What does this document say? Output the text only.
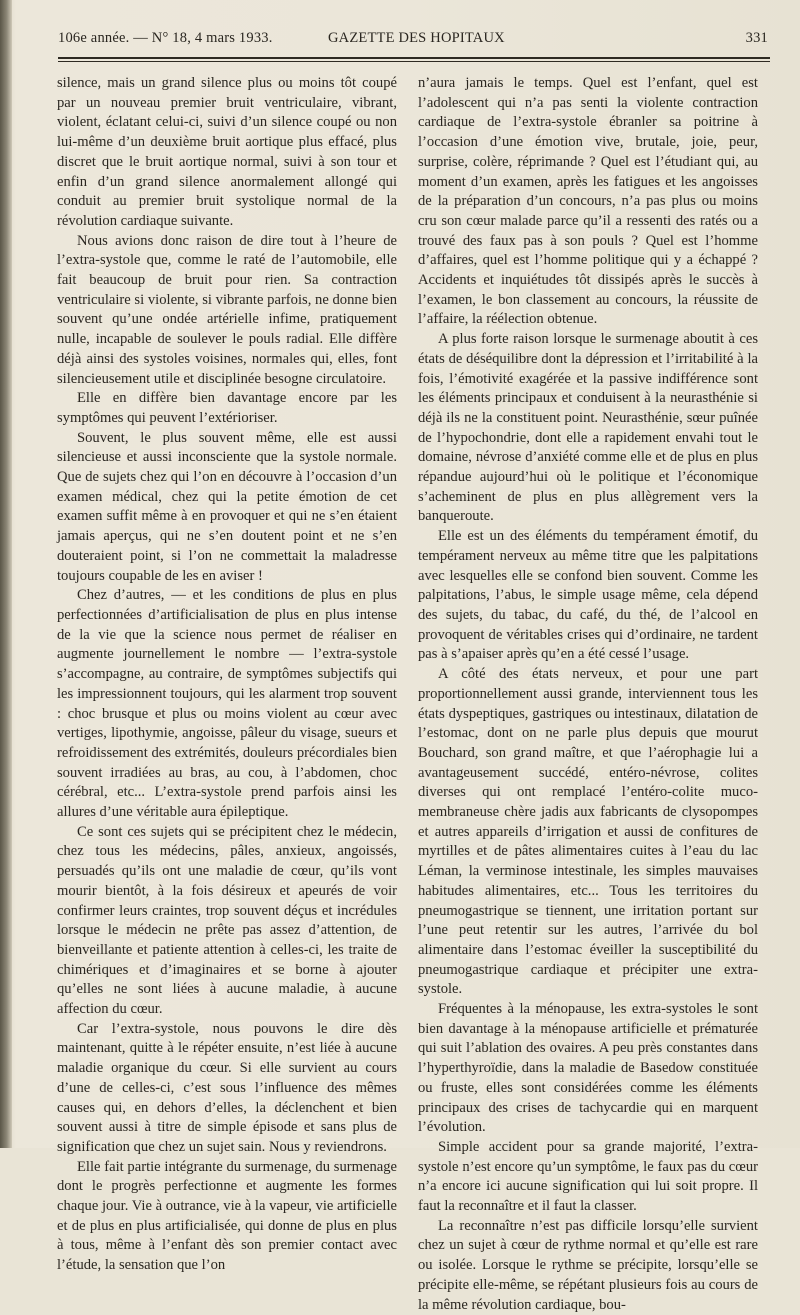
106e année. — N° 18, 4 mars 1933.	GAZETTE DES HOPITAUX	331

silence, mais un grand silence plus ou moins tôt coupé par un nouveau premier bruit ventriculaire, vibrant, violent, éclatant celui-ci, suivi d’un silence coupé ou non lui-même d’un deuxième bruit aortique plus effacé, plus discret que le bruit aortique normal, suivi à son tour et enfin d’un grand silence anormalement allongé qui conduit au premier bruit systolique normal de la révolution cardiaque suivante.

Nous avions donc raison de dire tout à l’heure de l’extra-systole que, comme le raté de l’automobile, elle fait beaucoup de bruit pour rien. Sa contraction ventriculaire si violente, si vibrante parfois, ne donne bien souvent qu’une ondée artérielle infime, pratiquement nulle, incapable de soulever le pouls radial. Elle diffère déjà ainsi des systoles voisines, normales qui, elles, font silencieusement utile et disciplinée besogne circulatoire.

Elle en diffère bien davantage encore par les symptômes qui peuvent l’extérioriser.

Souvent, le plus souvent même, elle est aussi silencieuse et aussi inconsciente que la systole normale. Que de sujets chez qui l’on en découvre à l’occasion d’un examen médical, chez qui la petite émotion de cet examen suffit même à en provoquer et qui ne s’en étaient jamais aperçus, qui ne s’en doutent point et ne s’en douteraient point, si l’on ne commettait la maladresse toujours coupable de les en aviser !

Chez d’autres, — et les conditions de plus en plus perfectionnées d’artificialisation de plus en plus intense de la vie que la science nous permet de réaliser en augmente journellement le nombre — l’extra-systole s’accompagne, au contraire, de symptômes subjectifs qui les impressionnent toujours, qui les alarment trop souvent : choc brusque et plus ou moins violent au cœur avec vertiges, lipothymie, angoisse, pâleur du visage, sueurs et refroidissement des extrémités, douleurs précordiales bien souvent irradiées au bras, au cou, à l’abdomen, choc cérébral, etc... L’extra-systole prend parfois ainsi les allures d’une véritable aura épileptique.

Ce sont ces sujets qui se précipitent chez le médecin, chez tous les médecins, pâles, anxieux, angoissés, persuadés qu’ils ont une maladie de cœur, qu’ils vont mourir bientôt, à la fois désireux et apeurés de voir confirmer leurs craintes, trop souvent déçus et incrédules lorsque le médecin ne prête pas assez d’attention, de bienveillante et patiente attention à celles-ci, les traite de chimériques et d’imaginaires et se borne à ajouter qu’elles ne sont liées à aucune maladie, à aucune affection du cœur.

Car l’extra-systole, nous pouvons le dire dès maintenant, quitte à le répéter ensuite, n’est liée à aucune maladie organique du cœur. Si elle survient au cours d’une de celles-ci, c’est sous l’influence des mêmes causes qui, en dehors d’elles, la déclenchent et bien souvent aussi à titre de simple épisode et sans plus de signification que chez un sujet sain. Nous y reviendrons.

Elle fait partie intégrante du surmenage, du surmenage dont le progrès perfectionne et augmente les formes chaque jour. Vie à outrance, vie à la vapeur, vie artificielle et de plus en plus artificialisée, qui donne de plus en plus à tous, même à l’enfant dès son premier contact avec l’étude, la sensation que l’on

n’aura jamais le temps. Quel est l’enfant, quel est l’adolescent qui n’a pas senti la violente contraction cardiaque de l’extra-systole ébranler sa poitrine à l’occasion d’une émotion vive, brutale, joie, peur, surprise, colère, réprimande ? Quel est l’étudiant qui, au moment d’un examen, après les fatigues et les angoisses de la préparation d’un concours, n’a pas plus ou moins cru son cœur malade parce qu’il a ressenti des ratés ou a trouvé des faux pas à son pouls ? Quel est l’homme d’affaires, quel est l’homme politique qui y a échappé ? Accidents et inquiétudes tôt dissipés après le succès à l’examen, le bon classement au concours, la réussite de l’affaire, la réélection obtenue.

A plus forte raison lorsque le surmenage aboutit à ces états de déséquilibre dont la dépression et l’irritabilité à la fois, l’émotivité exagérée et la passive indifférence sont les éléments principaux et conduisent à la neurasthénie si déjà ils ne la constituent point. Neurasthénie, sœur puînée de l’hypochondrie, dont elle a rapidement envahi tout le domaine, névrose d’anxiété comme elle et de plus en plus répandue aujourd’hui où le politique et l’économique s’acheminent de plus en plus allègrement vers la banqueroute.

Elle est un des éléments du tempérament émotif, du tempérament nerveux au même titre que les palpitations avec lesquelles elle se confond bien souvent. Comme les palpitations, l’abus, le simple usage même, cela dépend des sujets, du tabac, du café, du thé, de l’alcool en provoquent de véritables crises qui d’ordinaire, ne tardent pas à s’apaiser après qu’en a été cessé l’usage.

A côté des états nerveux, et pour une part proportionnellement aussi grande, interviennent tous les états dyspeptiques, gastriques ou intestinaux, dilatation de l’estomac, dont on ne parle plus depuis que mourut Bouchard, son grand maître, et que l’aérophagie lui a avantageusement succédé, entéro-névrose, colites diverses qui ont remplacé l’entéro-colite muco-membraneuse chère jadis aux fabricants de clysopompes et autres appareils d’irrigation et aussi de confitures de myrtilles et de pâtes alimentaires cuites à l’eau du lac Léman, la verminose intestinale, les simples mauvaises habitudes alimentaires, etc... Tous les territoires du pneumogastrique se tiennent, une irritation portant sur l’une peut retentir sur les autres, l’arrivée du bol alimentaire dans l’estomac éveiller la susceptibilité du pneumogastrique cardiaque et précipiter une extra-systole.

Fréquentes à la ménopause, les extra-systoles le sont bien davantage à la ménopause artificielle et prématurée qui suit l’ablation des ovaires. A peu près constantes dans l’hyperthyroïdie, dans la maladie de Basedow constituée ou fruste, elles sont considérées comme les éléments principaux des crises de tachycardie qui en marquent l’évolution.

Simple accident pour sa grande majorité, l’extra-systole n’est encore qu’un symptôme, le faux pas du cœur n’a encore ici aucune signification qui lui soit propre. Il faut la reconnaître et il faut la classer.

La reconnaître n’est pas difficile lorsqu’elle survient chez un sujet à cœur de rythme normal et qu’elle est rare ou isolée. Lorsque le rythme se précipite, lorsqu’elle se précipite elle-même, se répétant plusieurs fois au cours de la même révolution cardiaque, bou-
